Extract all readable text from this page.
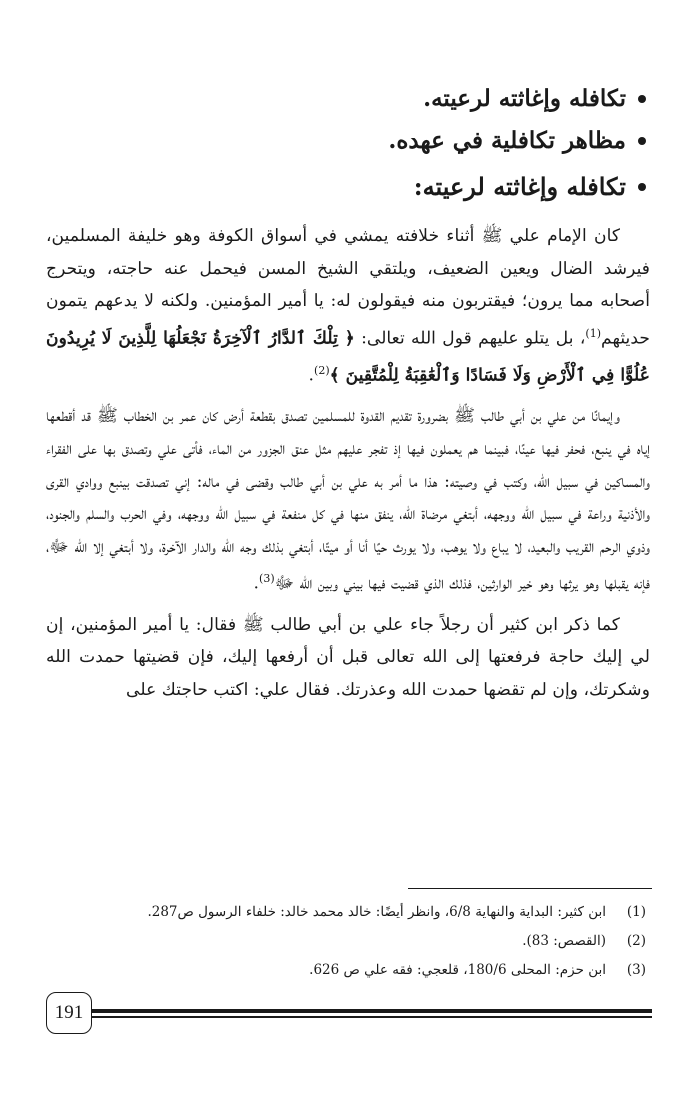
تكافله وإغاثته لرعيته.
مظاهر تكافلية في عهده.
تكافله وإغاثته لرعيته:

كان الإمام علي ﷺ أثناء خلافته يمشي في أسواق الكوفة وهو خليفة المسلمين، فيرشد الضال ويعين الضعيف، ويلتقي الشيخ المسن فيحمل عنه حاجته، ويتحرج أصحابه مما يرون؛ فيقتربون منه فيقولون له: يا أمير المؤمنين. ولكنه لا يدعهم يتمون حديثهم$^{(1)}$، بل يتلو عليهم قول الله تعالى: ﴿ تِلْكَ ٱلدَّارُ ٱلْآخِرَةُ نَجْعَلُهَا لِلَّذِينَ لَا يُرِيدُونَ عُلُوًّا فِي ٱلْأَرْضِ وَلَا فَسَادًا وَٱلْعَٰقِبَةُ لِلْمُتَّقِينَ ﴾$^{(2)}$.

وإيمانًا من علي بن أبي طالب ﷺ بضرورة تقديم القدوة للمسلمين تصدق بقطعة أرض كان عمر بن الخطاب ﷺ قد أقطعها إياه في ينبع، فحفر فيها عينًا، فبينما هم يعملون فيها إذ تفجر عليهم مثل عنق الجزور من الماء، فأتى علي وتصدق بها على الفقراء والمساكين في سبيل الله، وكتب في وصيته: هذا ما أمر به علي بن أبي طالب وقضى في ماله: إني تصدقت بينبع ووادي القرى والأذنية وراعة في سبيل الله ووجهه، أبتغي مرضاة الله، ينفق منها في كل منفعة في سبيل الله ووجهه، وفي الحرب والسلم والجنود، وذوي الرحم القريب والبعيد، لا يباع ولا يوهب، ولا يورث حيًا أنا أو ميتًا، أبتغي بذلك وجه الله والدار الآخرة، ولا أبتغي إلا الله ﷻ، فإنه يقبلها وهو يرثها وهو خير الوارثين، فذلك الذي قضيت فيها بيني وبين الله ﷻ$^{(3)}$.

كما ذكر ابن كثير أن رجلاً جاء علي بن أبي طالب ﷺ فقال: يا أمير المؤمنين، إن لي إليك حاجة فرفعتها إلى الله تعالى قبل أن أرفعها إليك، فإن قضيتها حمدت الله وشكرتك، وإن لم تقضها حمدت الله وعذرتك. فقال علي: اكتب حاجتك على

(1)
ابن كثير: البداية والنهاية 6/8، وانظر أيضًا: خالد محمد خالد: خلفاء الرسول ص287.
(2)
(القصص: 83).
(3)
ابن حزم: المحلى 180/6، قلعجي: فقه علي ص 626.
191
